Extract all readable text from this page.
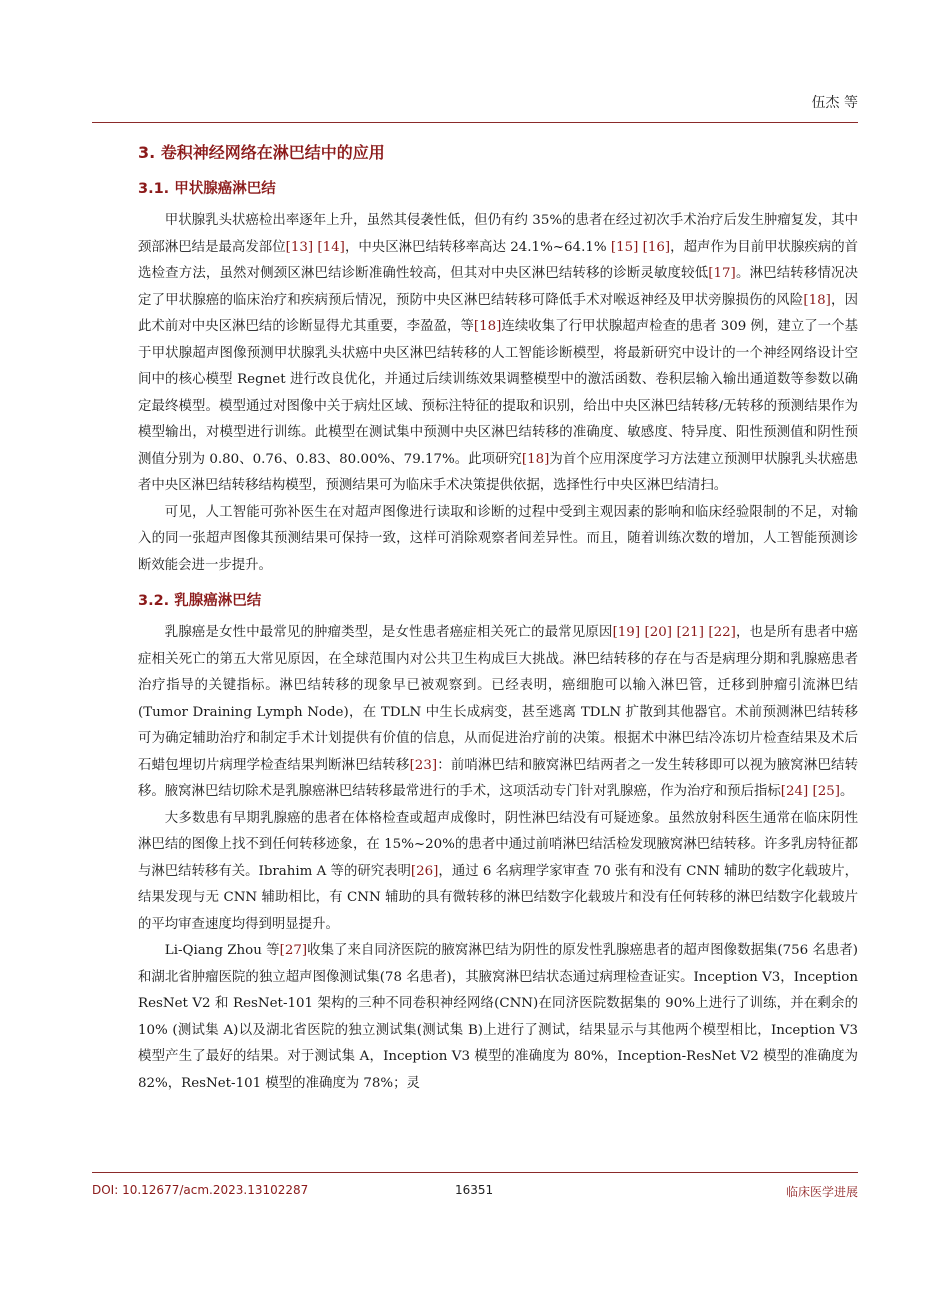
伍杰 等
3. 卷积神经网络在淋巴结中的应用
3.1. 甲状腺癌淋巴结

甲状腺乳头状癌检出率逐年上升，虽然其侵袭性低，但仍有约 35%的患者在经过初次手术治疗后发生肿瘤复发，其中颈部淋巴结是最高发部位[13] [14]，中央区淋巴结转移率高达 24.1%~64.1% [15] [16]，超声作为目前甲状腺疾病的首选检查方法，虽然对侧颈区淋巴结诊断准确性较高，但其对中央区淋巴结转移的诊断灵敏度较低[17]。淋巴结转移情况决定了甲状腺癌的临床治疗和疾病预后情况，预防中央区淋巴结转移可降低手术对喉返神经及甲状旁腺损伤的风险[18]，因此术前对中央区淋巴结的诊断显得尤其重要，李盈盈，等[18]连续收集了行甲状腺超声检查的患者 309 例，建立了一个基于甲状腺超声图像预测甲状腺乳头状癌中央区淋巴结转移的人工智能诊断模型，将最新研究中设计的一个神经网络设计空间中的核心模型 Regnet 进行改良优化，并通过后续训练效果调整模型中的激活函数、卷积层输入输出通道数等参数以确定最终模型。模型通过对图像中关于病灶区域、预标注特征的提取和识别，给出中央区淋巴结转移/无转移的预测结果作为模型输出，对模型进行训练。此模型在测试集中预测中央区淋巴结转移的准确度、敏感度、特异度、阳性预测值和阴性预测值分别为 0.80、0.76、0.83、80.00%、79.17%。此项研究[18]为首个应用深度学习方法建立预测甲状腺乳头状癌患者中央区淋巴结转移结构模型，预测结果可为临床手术决策提供依据，选择性行中央区淋巴结清扫。

可见，人工智能可弥补医生在对超声图像进行读取和诊断的过程中受到主观因素的影响和临床经验限制的不足，对输入的同一张超声图像其预测结果可保持一致，这样可消除观察者间差异性。而且，随着训练次数的增加，人工智能预测诊断效能会进一步提升。

3.2. 乳腺癌淋巴结

乳腺癌是女性中最常见的肿瘤类型，是女性患者癌症相关死亡的最常见原因[19] [20] [21] [22]，也是所有患者中癌症相关死亡的第五大常见原因，在全球范围内对公共卫生构成巨大挑战。淋巴结转移的存在与否是病理分期和乳腺癌患者治疗指导的关键指标。淋巴结转移的现象早已被观察到。已经表明，癌细胞可以输入淋巴管，迁移到肿瘤引流淋巴结(Tumor Draining Lymph Node)，在 TDLN 中生长成病变，甚至逃离 TDLN 扩散到其他器官。术前预测淋巴结转移可为确定辅助治疗和制定手术计划提供有价值的信息，从而促进治疗前的决策。根据术中淋巴结冷冻切片检查结果及术后石蜡包埋切片病理学检查结果判断淋巴结转移[23]：前哨淋巴结和腋窝淋巴结两者之一发生转移即可以视为腋窝淋巴结转移。腋窝淋巴结切除术是乳腺癌淋巴结转移最常进行的手术，这项活动专门针对乳腺癌，作为治疗和预后指标[24] [25]。

大多数患有早期乳腺癌的患者在体格检查或超声成像时，阴性淋巴结没有可疑迹象。虽然放射科医生通常在临床阴性淋巴结的图像上找不到任何转移迹象，在 15%~20%的患者中通过前哨淋巴结活检发现腋窝淋巴结转移。许多乳房特征都与淋巴结转移有关。Ibrahim A 等的研究表明[26]，通过 6 名病理学家审查 70 张有和没有 CNN 辅助的数字化载玻片，结果发现与无 CNN 辅助相比，有 CNN 辅助的具有微转移的淋巴结数字化载玻片和没有任何转移的淋巴结数字化载玻片的平均审查速度均得到明显提升。

Li-Qiang Zhou 等[27]收集了来自同济医院的腋窝淋巴结为阴性的原发性乳腺癌患者的超声图像数据集(756 名患者)和湖北省肿瘤医院的独立超声图像测试集(78 名患者)，其腋窝淋巴结状态通过病理检查证实。Inception V3，Inception ResNet V2 和 ResNet-101 架构的三种不同卷积神经网络(CNN)在同济医院数据集的 90%上进行了训练，并在剩余的 10% (测试集 A)以及湖北省医院的独立测试集(测试集 B)上进行了测试，结果显示与其他两个模型相比，Inception V3 模型产生了最好的结果。对于测试集 A，Inception V3 模型的准确度为 80%，Inception-ResNet V2 模型的准确度为 82%，ResNet-101 模型的准确度为 78%；灵

DOI: 10.12677/acm.2023.13102287	16351	临床医学进展
